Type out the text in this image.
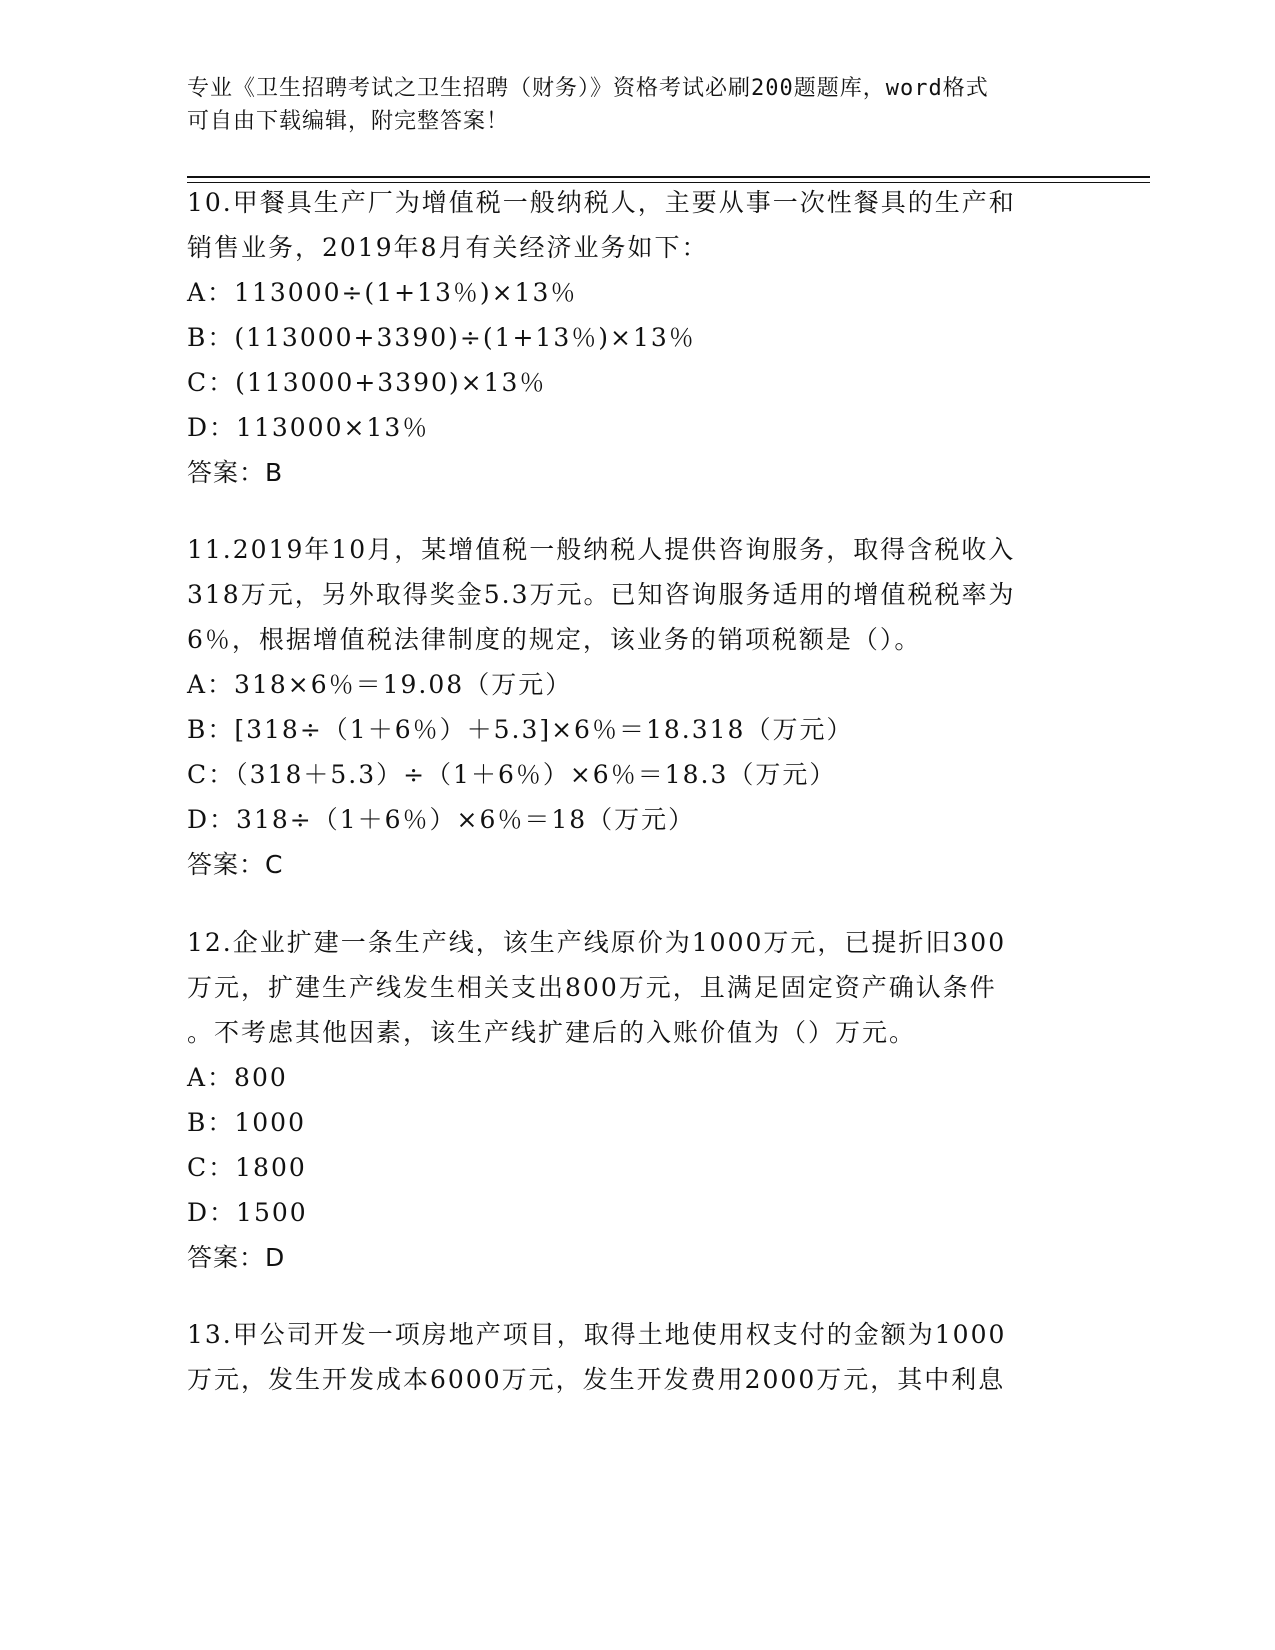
专业《卫生招聘考试之卫生招聘（财务）》资格考试必刷200题题库，word格式
可自由下载编辑，附完整答案！
10.甲餐具生产厂为增值税一般纳税人，主要从事一次性餐具的生产和
销售业务，2019年8月有关经济业务如下：
A：113000÷(1+13％)×13％
B：(113000+3390)÷(1+13％)×13％
C：(113000+3390)×13％
D：113000×13％
答案：B
11.2019年10月，某增值税一般纳税人提供咨询服务，取得含税收入
318万元，另外取得奖金5.3万元。已知咨询服务适用的增值税税率为
6％，根据增值税法律制度的规定，该业务的销项税额是（）。
A：318×6％＝19.08（万元）
B：[318÷（1＋6％）＋5.3]×6％＝18.318（万元）
C：（318＋5.3）÷（1＋6％）×6％＝18.3（万元）
D：318÷（1＋6％）×6％＝18（万元）
答案：C
12.企业扩建一条生产线，该生产线原价为1000万元，已提折旧300
万元，扩建生产线发生相关支出800万元，且满足固定资产确认条件
。不考虑其他因素，该生产线扩建后的入账价值为（）万元。
A：800
B：1000
C：1800
D：1500
答案：D
13.甲公司开发一项房地产项目，取得土地使用权支付的金额为1000
万元，发生开发成本6000万元，发生开发费用2000万元，其中利息
